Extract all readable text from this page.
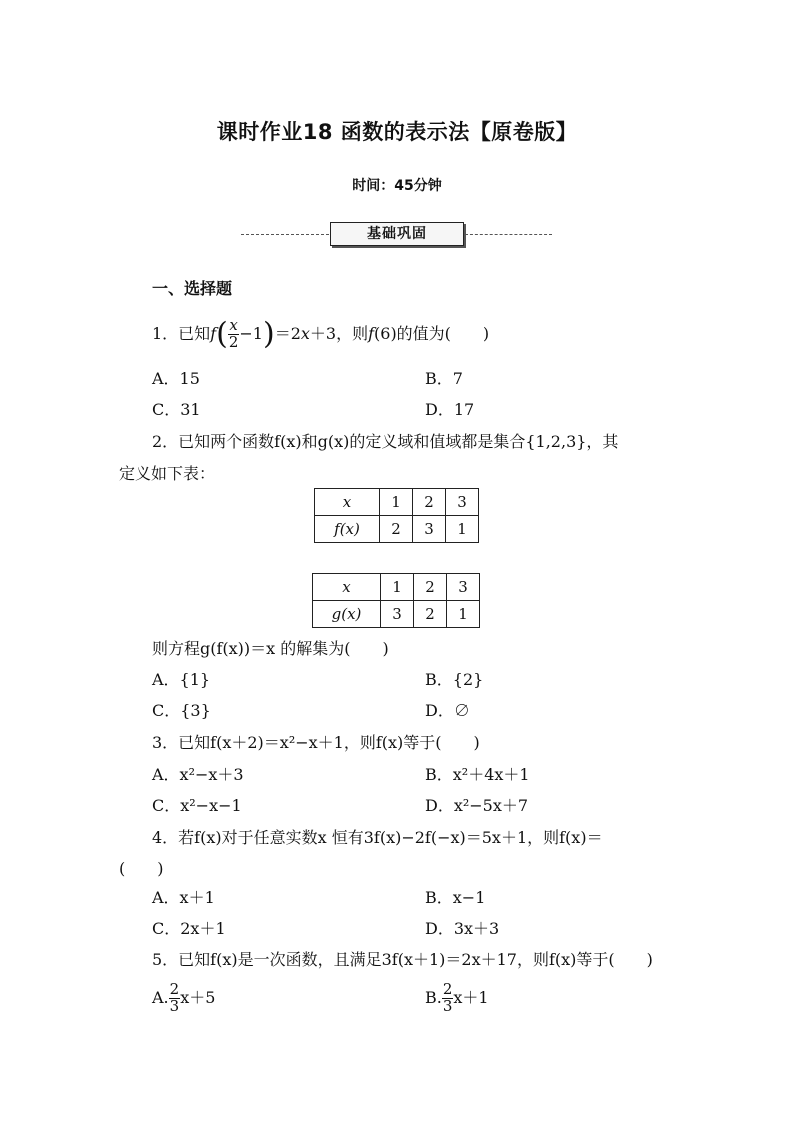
课时作业18 函数的表示法【原卷版】
时间：45分钟
基础巩固
一、选择题
1．已知$f( \frac{x}{2} -1)=2x+3$，则f(6)的值为(　　)
A．15	B．7
C．31	D．17
2．已知两个函数f(x)和g(x)的定义域和值域都是集合{1,2,3}，其
定义如下表：
x	1	2	3
f(x)	2	3	1
x	1	2	3
g(x)	3	2	1
则方程g(f(x))＝x 的解集为(　　)
A．{1}	B．{2}
C．{3}	D．∅
3．已知f(x＋2)＝x²−x＋1，则f(x)等于(　　)
A．x²−x＋3	B．x²＋4x＋1
C．x²−x−1	D．x²−5x＋7
4．若f(x)对于任意实数x 恒有3f(x)−2f(−x)＝5x＋1，则f(x)＝
(　　)
A．x＋1	B．x−1
C．2x＋1	D．3x＋3
5．已知f(x)是一次函数，且满足3f(x＋1)＝2x＋17，则f(x)等于(　　)
A. $\frac{2}{3} x+5$	B. $\frac{2}{3} x+1$
